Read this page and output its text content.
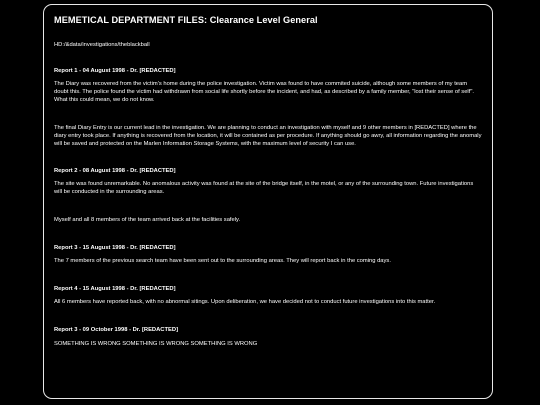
MEMETICAL DEPARTMENT FILES: Clearance Level General
HD:/&data/investigations/theblackball
Report 1 - 04 August 1998 - Dr. [REDACTED]
The Diary was recovered from the victim's home during the police investigation. Victim was found to have commited suicide, although some members of my team doubt this. The police found the victim had withdrawn from social life shortly before the incident, and had, as described by a family member, "lost their sense of self". What this could mean, we do not know.
The final Diary Entry is our current lead in the investigation. We are planning to conduct an investigation with myself and 9 other members in [REDACTED] where the diary entry took place. If anything is recovered from the location, it will be contained as per procedure. If anything should go awry, all information regarding the anomaly will be saved and protected on the Marlen Information Storage Systems, with the maximum level of security I can use.
Report 2 - 08 August 1998 - Dr. [REDACTED]
The site was found unremarkable. No anomalous activity was found at the site of the bridge itself, in the motel, or any of the surrounding town. Future investigations will be conducted in the surrounding areas.
Myself and all 8 members of the team arrived back at the facilities safely.
Report 3 - 15 August 1998 - Dr. [REDACTED]
The 7 members of the previous search team have been sent out to the surrounding areas. They will report back in the coming days.
Report 4 - 15 August 1998 - Dr. [REDACTED]
All 6 members have reported back, with no abnormal sitings. Upon deliberation, we have decided not to conduct future investigations into this matter.
Report 3 - 09 October 1998 - Dr. [REDACTED]
SOMETHING IS WRONG SOMETHING IS WRONG SOMETHING IS WRONG
